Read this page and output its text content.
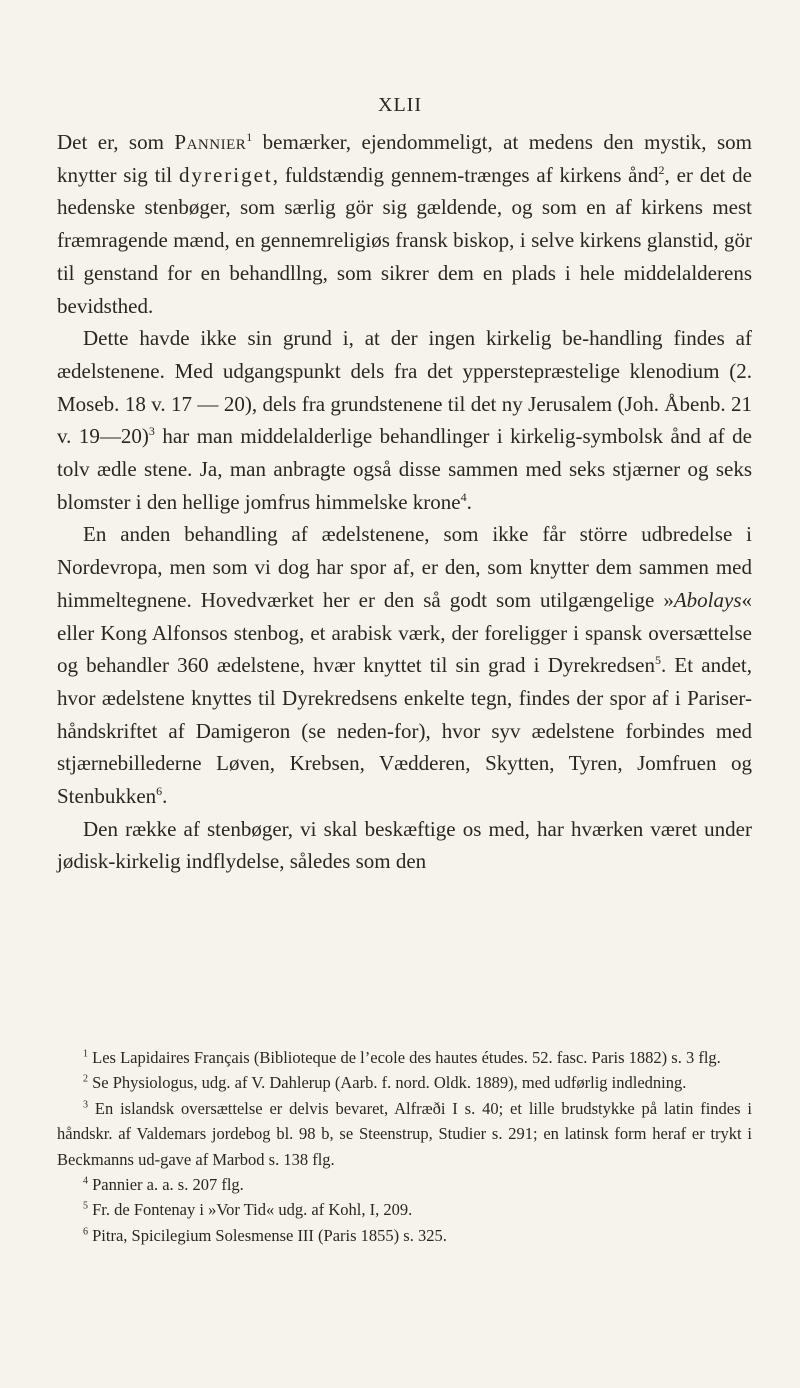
XLII

Det er, som Pannier$^1$ bemærker, ejendommeligt, at medens den mystik, som knytter sig til dyreriget, fuldstændig gennem-trænges af kirkens ånd$^2$, er det de hedenske stenbøger, som særlig gör sig gældende, og som en af kirkens mest fræmragende mænd, en gennemreligiøs fransk biskop, i selve kirkens glanstid, gör til genstand for en behandllng, som sikrer dem en plads i hele middelalderens bevidsthed.

Dette havde ikke sin grund i, at der ingen kirkelig be-handling findes af ædelstenene. Med udgangspunkt dels fra det ypperstepræstelige klenodium (2. Moseb. 18 v. 17 — 20), dels fra grundstenene til det ny Jerusalem (Joh. Åbenb. 21 v. 19—20)$^3$ har man middelalderlige behandlinger i kirkelig-symbolsk ånd af de tolv ædle stene. Ja, man anbragte også disse sammen med seks stjærner og seks blomster i den hellige jomfrus himmelske krone$^4$.

En anden behandling af ædelstenene, som ikke får större udbredelse i Nordevropa, men som vi dog har spor af, er den, som knytter dem sammen med himmeltegnene. Hovedværket her er den så godt som utilgængelige »Abolays« eller Kong Alfonsos stenbog, et arabisk værk, der foreligger i spansk oversættelse og behandler 360 ædelstene, hvær knyttet til sin grad i Dyrekredsen$^5$. Et andet, hvor ædelstene knyttes til Dyrekredsens enkelte tegn, findes der spor af i Pariser-håndskriftet af Damigeron (se neden-for), hvor syv ædelstene forbindes med stjærnebillederne Løven, Krebsen, Vædderen, Skytten, Tyren, Jomfruen og Stenbukken$^6$.

Den række af stenbøger, vi skal beskæftige os med, har hværken været under jødisk-kirkelig indflydelse, således som den

$^1$ Les Lapidaires Français (Biblioteque de l’ecole des hautes études. 52. fasc. Paris 1882) s. 3 flg.

$^2$ Se Physiologus, udg. af V. Dahlerup (Aarb. f. nord. Oldk. 1889), med udførlig indledning.

$^3$ En islandsk oversættelse er delvis bevaret, Alfræði I s. 40; et lille brudstykke på latin findes i håndskr. af Valdemars jordebog bl. 98 b, se Steenstrup, Studier s. 291; en latinsk form heraf er trykt i Beckmanns ud-gave af Marbod s. 138 flg.

$^4$ Pannier a. a. s. 207 flg.

$^5$ Fr. de Fontenay i »Vor Tid« udg. af Kohl, I, 209.

$^6$ Pitra, Spicilegium Solesmense III (Paris 1855) s. 325.
